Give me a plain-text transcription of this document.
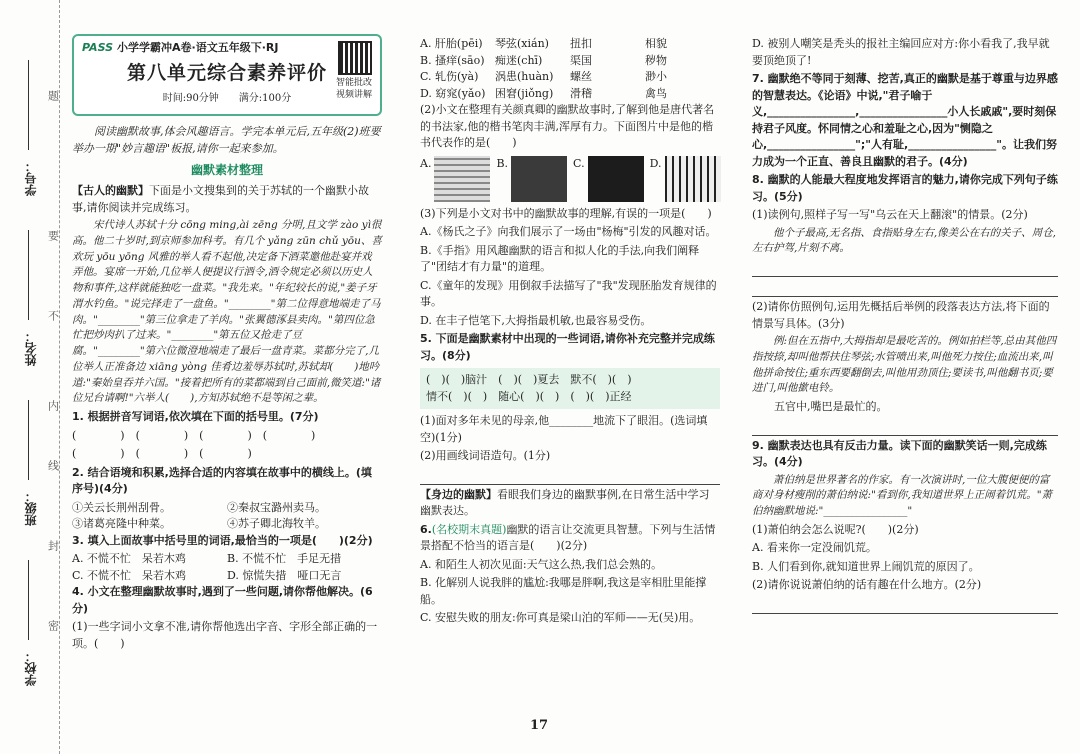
学号：
姓名：
班级：
学校：
题
要
不
内
线
封
密
PASS 小学学霸冲A卷·语文五年级下·RJ
第八单元综合素养评价
时间:90分钟　　满分:100分
智能批改 视频讲解

阅读幽默故事,体会风趣语言。学完本单元后,五年级(2)班要举办一期"妙言趣语"板报,请你一起来参加。

幽默素材整理

【古人的幽默】下面是小文搜集到的关于苏轼的一个幽默小故事,请你阅读并完成练习。

宋代诗人苏轼十分 cōng ming,ài zēng 分明,且文学 zào yì很高。他二十岁时,到京师参加科考。有几个 yǎng zūn chǔ yōu、喜欢玩 yōu yōng 风雅的举人看不起他,决定备下酒菜邀他赴宴并戏弄他。宴席一开始,几位举人便提议行酒令,酒令规定必须以历史人物和事件,这样就能独吃一盘菜。"我先来。"年纪较长的说,"姜子牙渭水钓鱼。"说完择走了一盘鱼。"________"第二位得意地端走了马肉。"________"第三位拿走了羊肉。"张翼德涿县卖肉。"第四位急忙把炒肉扒了过来。"________"第五位又抢走了豆腐。"________"第六位微澄地端走了最后一盘青菜。菜都分完了,几位举人正准备边 xiāng yòng 佳肴边羞辱苏轼时,苏轼却(　　)地吟道:"秦始皇吞并六国。"接着把所有的菜都端到自己面前,微笑道:"诸位兄台请啊!"六举人(　　),方知苏轼绝不是等闲之辈。

1. 根据拼音写词语,依次填在下面的括号里。(7分)

(　　　　)　(　　　　)　(　　　　)　(　　　　)

(　　　　)　(　　　　)　(　　　　)

2. 结合语境和积累,选择合适的内容填在故事中的横线上。(填序号)(4分)

①关云长荆州刮骨。	②秦叔宝潞州卖马。
③诸葛亮隆中种菜。	④苏子卿北海牧羊。

3. 填入上面故事中括号里的词语,最恰当的一项是(　　)(2分)

A. 不慌不忙　呆若木鸡	B. 不慌不忙　手足无措
C. 不慌不忙　呆若木鸡	D. 惊慌失措　哑口无言

4. 小文在整理幽默故事时,遇到了一些问题,请你帮他解决。(6分)

(1)一些字词小文拿不准,请你帮他选出字音、字形全部正确的一项。(　　)

A. 肝胎(pēi)	琴弦(xián)	扭扣	相貌
B. 搔痒(sāo) 痴迷(chī)	渠国	秽物
C. 轧伤(yà)	涡患(huàn)	螺丝	渺小
D. 窈窕(yǎo) 困窘(jiǒng)	滑稽	禽鸟

(2)小文在整理有关颜真卿的幽默故事时,了解到他是唐代著名的书法家,他的楷书笔肉丰满,浑厚有力。下面图片中是他的楷书代表作的是(　　)

A.	B.	C.	D.

(3)下列是小文对书中的幽默故事的理解,有误的一项是(　　)

A.《杨氏之子》向我们展示了一场由"杨梅"引发的风趣对话。

B.《手指》用风趣幽默的语言和拟人化的手法,向我们阐释了"团结才有力量"的道理。

C.《童年的发现》用倒叙手法描写了"我"发现胚胎发育规律的事。

D. 在丰子恺笔下,大拇指最机敏,也最容易受伤。

5. 下面是幽默素材中出现的一些词语,请你补充完整并完成练习。(8分)

(　)(　)脑汁　(　)(　)夏去　默不(　)(　)
情不(　)(　)　随心(　)(　)　(　)(　)正经

(1)面对多年未见的母亲,他________地流下了眼泪。(选词填空)(1分)

(2)用画线词语造句。(1分)

【身边的幽默】看眼我们身边的幽默事例,在日常生活中学习幽默表达。

6.(名校期末真题)幽默的语言让交流更具智慧。下列与生活情景搭配不恰当的语言是(　　)(2分)

A. 和陌生人初次见面:天气这么热,我们总会熟的。

B. 化解别人说我胖的尴尬:我哪是胖啊,我这是宰相肚里能撑船。

C. 安慰失败的朋友:你可真是梁山泊的军师——无(吴)用。

17

D. 被别人嘲笑是秃头的报社主编回应对方:你小看我了,我早就要顶绝顶了!

7. 幽默绝不等同于刻薄、挖苦,真正的幽默是基于尊重与边界感的智慧表达。《论语》中说,"君子喻于义,________________,________________小人长戚戚",要时刻保持君子风度。怀同情之心和羞耻之心,因为"恻隐之心,________________";"人有耻,________________"。让我们努力成为一个正直、善良且幽默的君子。(4分)

8. 幽默的人能最大程度地发挥语言的魅力,请你完成下列句子练习。(5分)

(1)读例句,照样子写一写"乌云在天上翻滚"的情景。(2分)

他个子最高,无名指、食指贴身左右,像美公在右的关子、周仓,左右护驾,片刻不离。

(2)请你仿照例句,运用先概括后举例的段落表达方法,将下面的情景写具体。(3分)

例:但在五指中,大拇指却是最吃苦的。例如拍栏等,总由其他四指按捺,却叫他帮扶住琴弦;水管喷出来,叫他死力按住;血流出来,叫他拼命按住;重东西要翻倒去,叫他用劲顶住;要读书,叫他翻书页;要进门,叫他撳电铃。

五官中,嘴巴是最忙的。

9. 幽默表达也具有反击力量。读下面的幽默笑话一则,完成练习。(4分)

萧伯纳是世界著名的作家。有一次演讲时,一位大腹便便的富商对身材瘦削的萧伯纳说:"看到你,我知道世界上正闹着饥荒。"萧伯纳幽默地说:"________________"

(1)萧伯纳会怎么说呢?(　　)(2分)

A. 看来你一定没闹饥荒。

B. 人们看到你,就知道世界上闹饥荒的原因了。

(2)请你说说萧伯纳的话有趣在什么地方。(2分)
